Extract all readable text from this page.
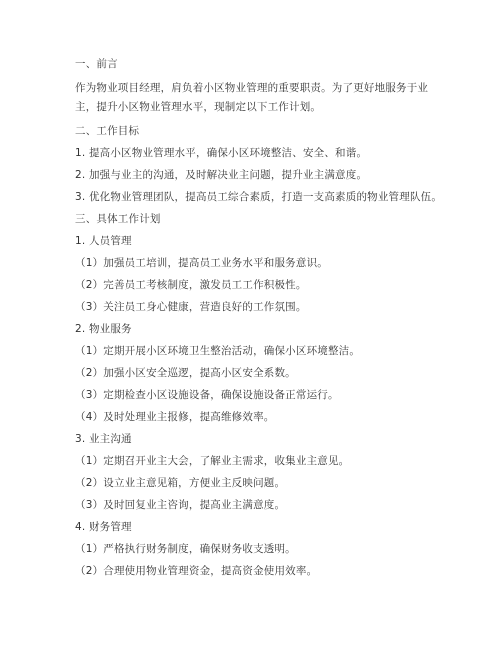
一、前言
作为物业项目经理，肩负着小区物业管理的重要职责。为了更好地服务于业主，提升小区物业管理水平，现制定以下工作计划。
二、工作目标
1. 提高小区物业管理水平，确保小区环境整洁、安全、和谐。
2. 加强与业主的沟通，及时解决业主问题，提升业主满意度。
3. 优化物业管理团队，提高员工综合素质，打造一支高素质的物业管理队伍。
三、具体工作计划
1. 人员管理
（1）加强员工培训，提高员工业务水平和服务意识。
（2）完善员工考核制度，激发员工工作积极性。
（3）关注员工身心健康，营造良好的工作氛围。
2. 物业服务
（1）定期开展小区环境卫生整治活动，确保小区环境整洁。
（2）加强小区安全巡逻，提高小区安全系数。
（3）定期检查小区设施设备，确保设施设备正常运行。
（4）及时处理业主报修，提高维修效率。
3. 业主沟通
（1）定期召开业主大会，了解业主需求，收集业主意见。
（2）设立业主意见箱，方便业主反映问题。
（3）及时回复业主咨询，提高业主满意度。
4. 财务管理
（1）严格执行财务制度，确保财务收支透明。
（2）合理使用物业管理资金，提高资金使用效率。
